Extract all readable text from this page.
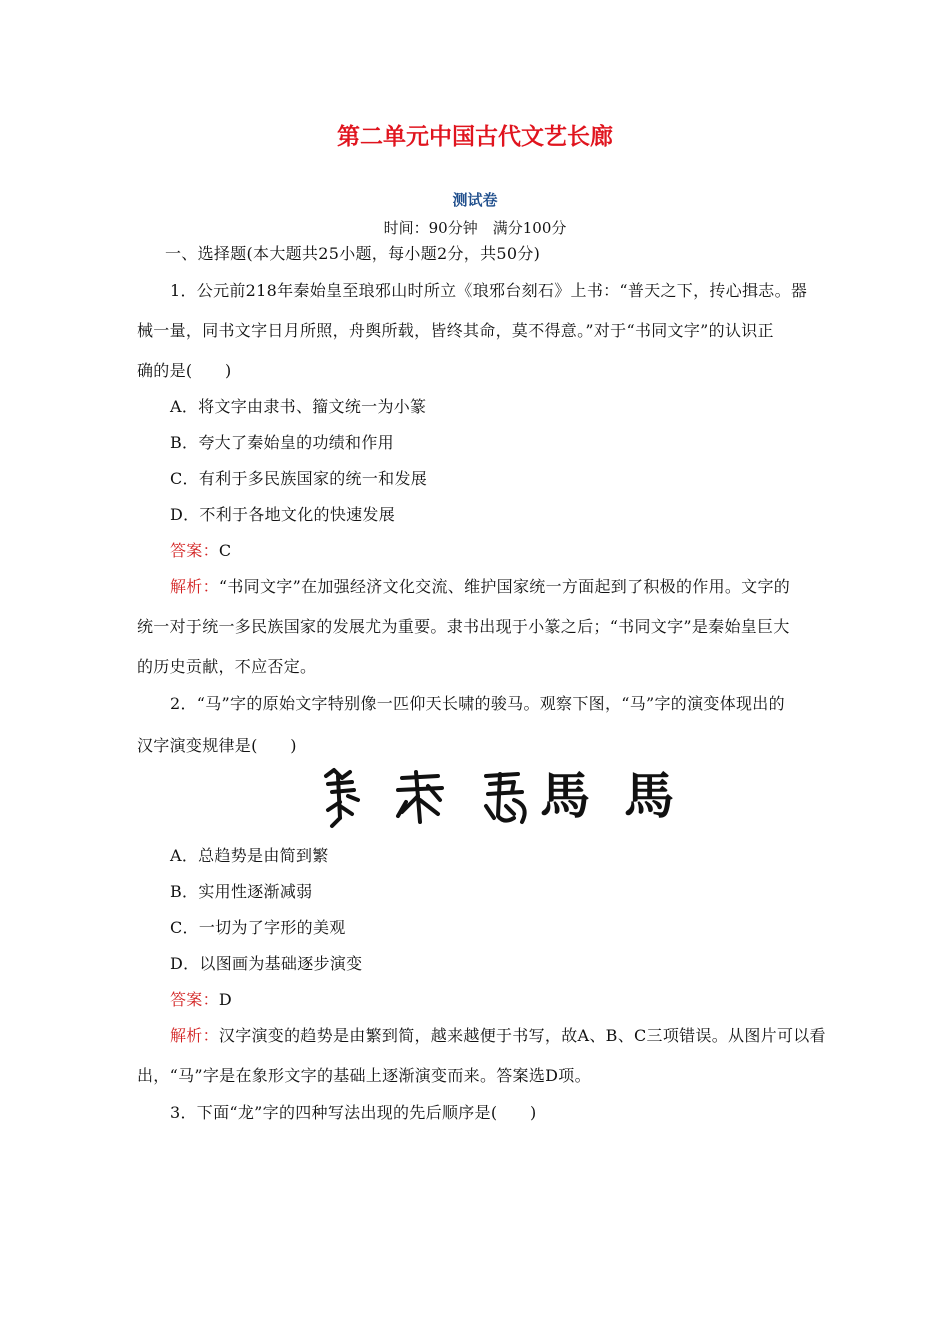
第二单元中国古代文艺长廊
测试卷
时间：90分钟　满分100分
一、选择题(本大题共25小题，每小题2分，共50分)
1．公元前218年秦始皇至琅邪山时所立《琅邪台刻石》上书：“普天之下，抟心揖志。器
械一量，同书文字日月所照，舟舆所载，皆终其命，莫不得意。”对于“书同文字”的认识正
确的是(　　)
A．将文字由隶书、籀文统一为小篆
B．夸大了秦始皇的功绩和作用
C．有利于多民族国家的统一和发展
D．不利于各地文化的快速发展
答案：C
解析：“书同文字”在加强经济文化交流、维护国家统一方面起到了积极的作用。文字的
统一对于统一多民族国家的发展尤为重要。隶书出现于小篆之后；“书同文字”是秦始皇巨大
的历史贡献，不应否定。
2．“马”字的原始文字特别像一匹仰天长啸的骏马。观察下图，“马”字的演变体现出的
汉字演变规律是(　　)
馬 馬
A．总趋势是由简到繁
B．实用性逐渐减弱
C．一切为了字形的美观
D．以图画为基础逐步演变
答案：D
解析：汉字演变的趋势是由繁到简，越来越便于书写，故A、B、C三项错误。从图片可以看
出，“马”字是在象形文字的基础上逐渐演变而来。答案选D项。
3．下面“龙”字的四种写法出现的先后顺序是(　　)
